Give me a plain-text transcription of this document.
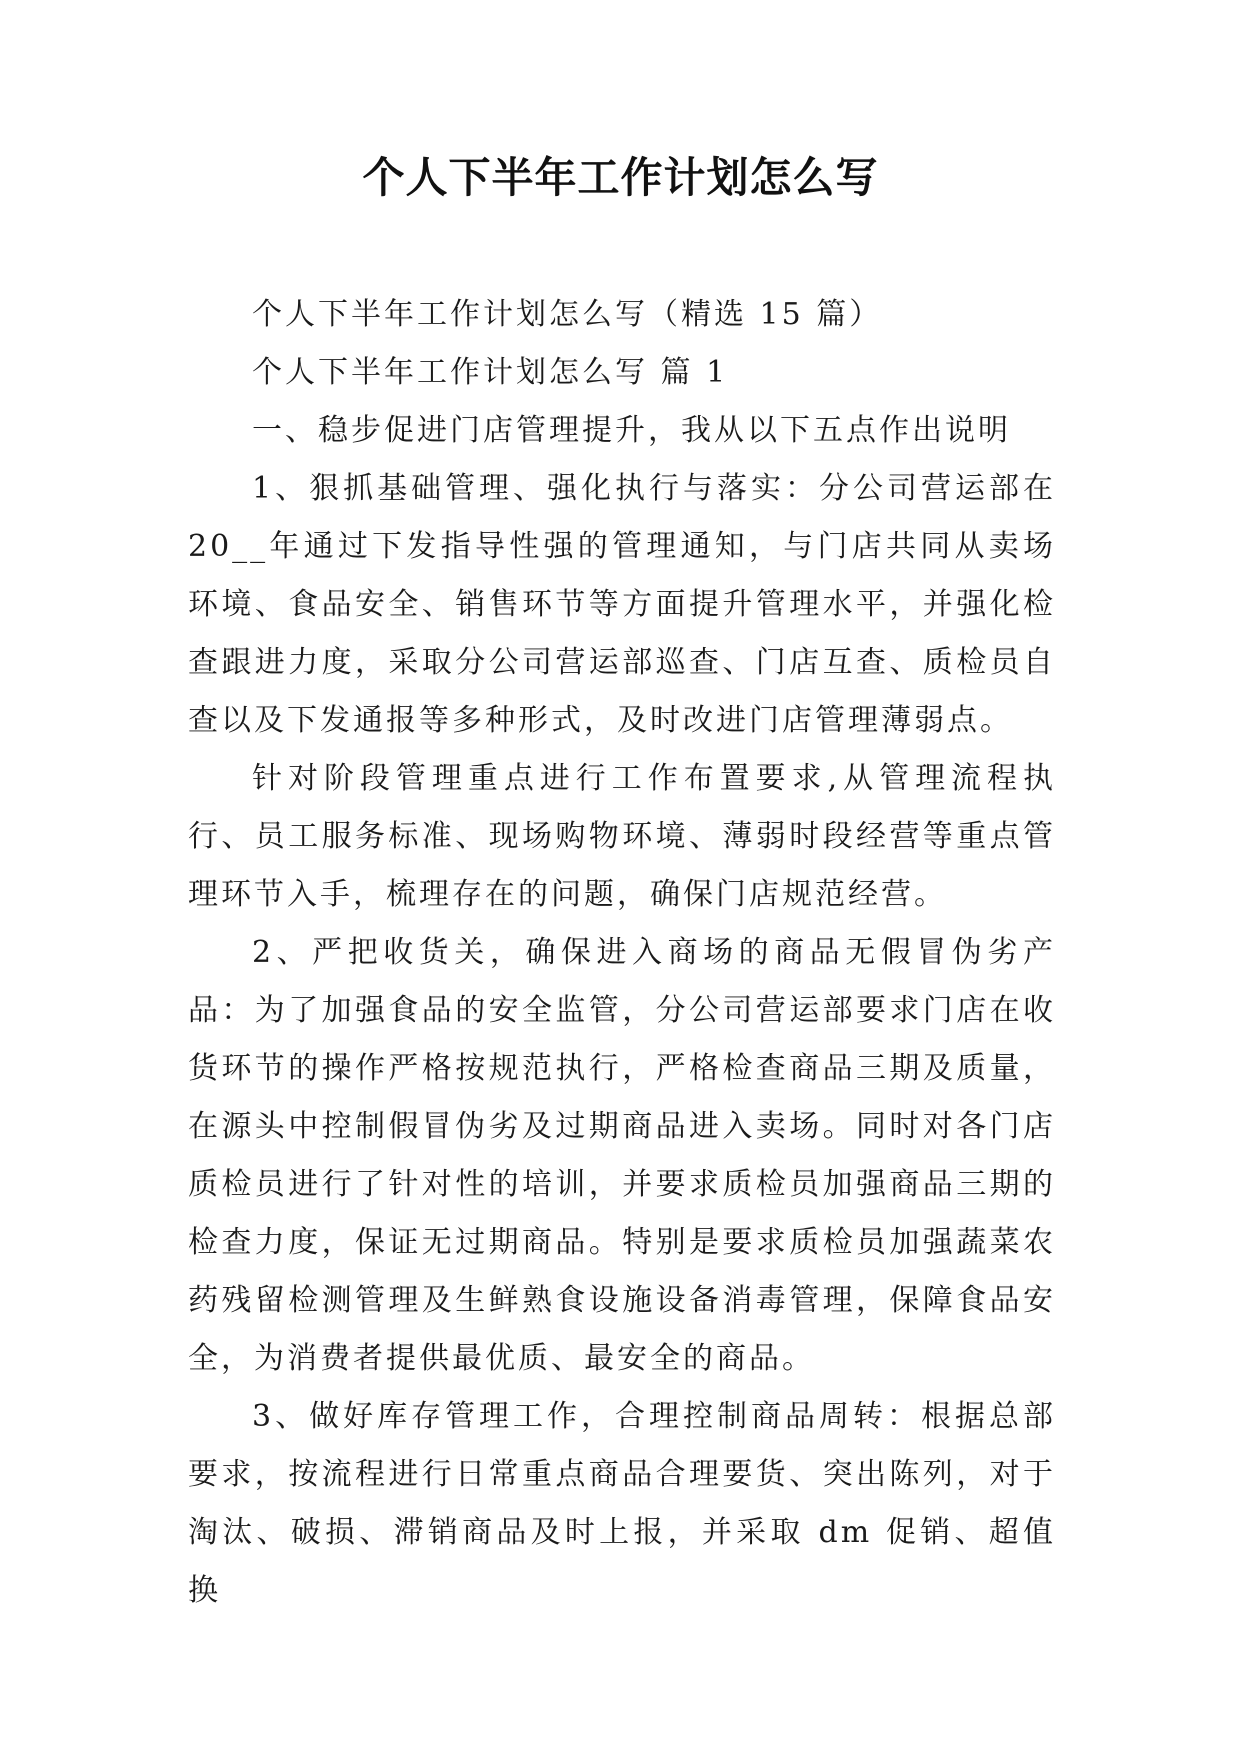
个人下半年工作计划怎么写

个人下半年工作计划怎么写（精选 15 篇）

个人下半年工作计划怎么写 篇 1

一、稳步促进门店管理提升，我从以下五点作出说明

1、狠抓基础管理、强化执行与落实：分公司营运部在 20__年通过下发指导性强的管理通知，与门店共同从卖场环境、食品安全、销售环节等方面提升管理水平，并强化检查跟进力度，采取分公司营运部巡查、门店互查、质检员自查以及下发通报等多种形式，及时改进门店管理薄弱点。

针对阶段管理重点进行工作布置要求,从管理流程执行、员工服务标准、现场购物环境、薄弱时段经营等重点管理环节入手，梳理存在的问题，确保门店规范经营。

2、严把收货关，确保进入商场的商品无假冒伪劣产品：为了加强食品的安全监管，分公司营运部要求门店在收货环节的操作严格按规范执行，严格检查商品三期及质量，在源头中控制假冒伪劣及过期商品进入卖场。同时对各门店质检员进行了针对性的培训，并要求质检员加强商品三期的检查力度，保证无过期商品。特别是要求质检员加强蔬菜农药残留检测管理及生鲜熟食设施设备消毒管理，保障食品安全，为消费者提供最优质、最安全的商品。

3、做好库存管理工作，合理控制商品周转：根据总部要求，按流程进行日常重点商品合理要货、突出陈列，对于淘汰、破损、滞销商品及时上报，并采取 dm 促销、超值换
